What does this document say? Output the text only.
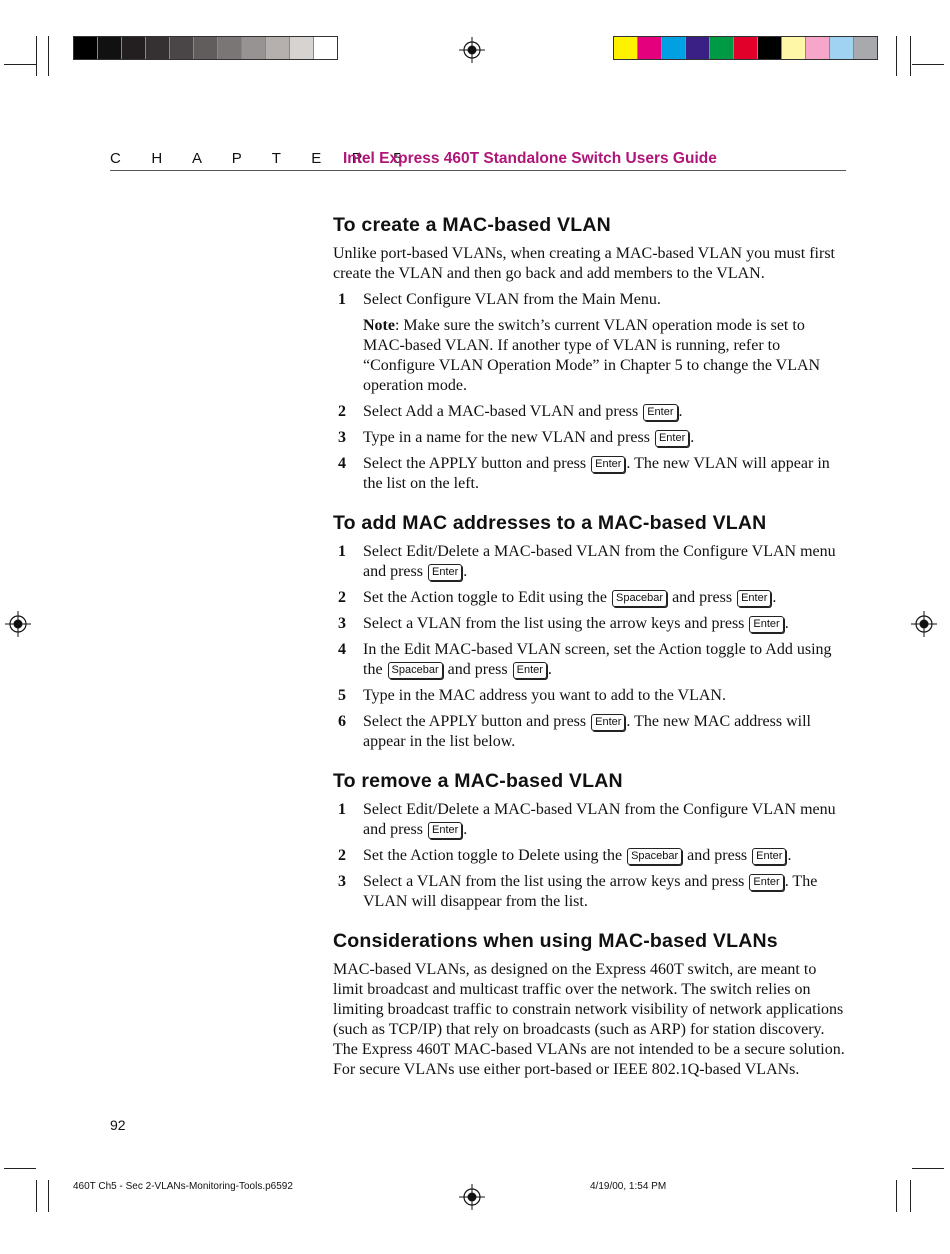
C H A P T E R 5
Intel Express 460T Standalone Switch Users Guide
To create a MAC-based VLAN

Unlike port-based VLANs, when creating a MAC-based VLAN you must first create the VLAN and then go back and add members to the VLAN.

1 Select Configure VLAN from the Main Menu.
Note: Make sure the switch’s current VLAN operation mode is set to MAC-based VLAN. If another type of VLAN is running, refer to “Configure VLAN Operation Mode” in Chapter 5 to change the VLAN operation mode.
2 Select Add a MAC-based VLAN and press Enter .
3 Type in a name for the new VLAN and press Enter .
4 Select the APPLY button and press Enter . The new VLAN will appear in the list on the left.
To add MAC addresses to a MAC-based VLAN
1 Select Edit/Delete a MAC-based VLAN from the Configure VLAN menu and press Enter .
2 Set the Action toggle to Edit using the Spacebar and press Enter .
3 Select a VLAN from the list using the arrow keys and press Enter .
4 In the Edit MAC-based VLAN screen, set the Action toggle to Add using the Spacebar and press Enter .
5 Type in the MAC address you want to add to the VLAN.
6 Select the APPLY button and press Enter . The new MAC address will appear in the list below.
To remove a MAC-based VLAN
1 Select Edit/Delete a MAC-based VLAN from the Configure VLAN menu and press Enter .
2 Set the Action toggle to Delete using the Spacebar and press Enter .
3 Select a VLAN from the list using the arrow keys and press Enter . The VLAN will disappear from the list.
Considerations when using MAC-based VLANs

MAC-based VLANs, as designed on the Express 460T switch, are meant to limit broadcast and multicast traffic over the network. The switch relies on limiting broadcast traffic to constrain network visibility of network applications (such as TCP/IP) that rely on broadcasts (such as ARP) for station discovery. The Express 460T MAC-based VLANs are not intended to be a secure solution. For secure VLANs use either port-based or IEEE 802.1Q-based VLANs.

92
460T Ch5 - Sec 2-VLANs-Monitoring-Tools.p6592	4/19/00, 1:54 PM
